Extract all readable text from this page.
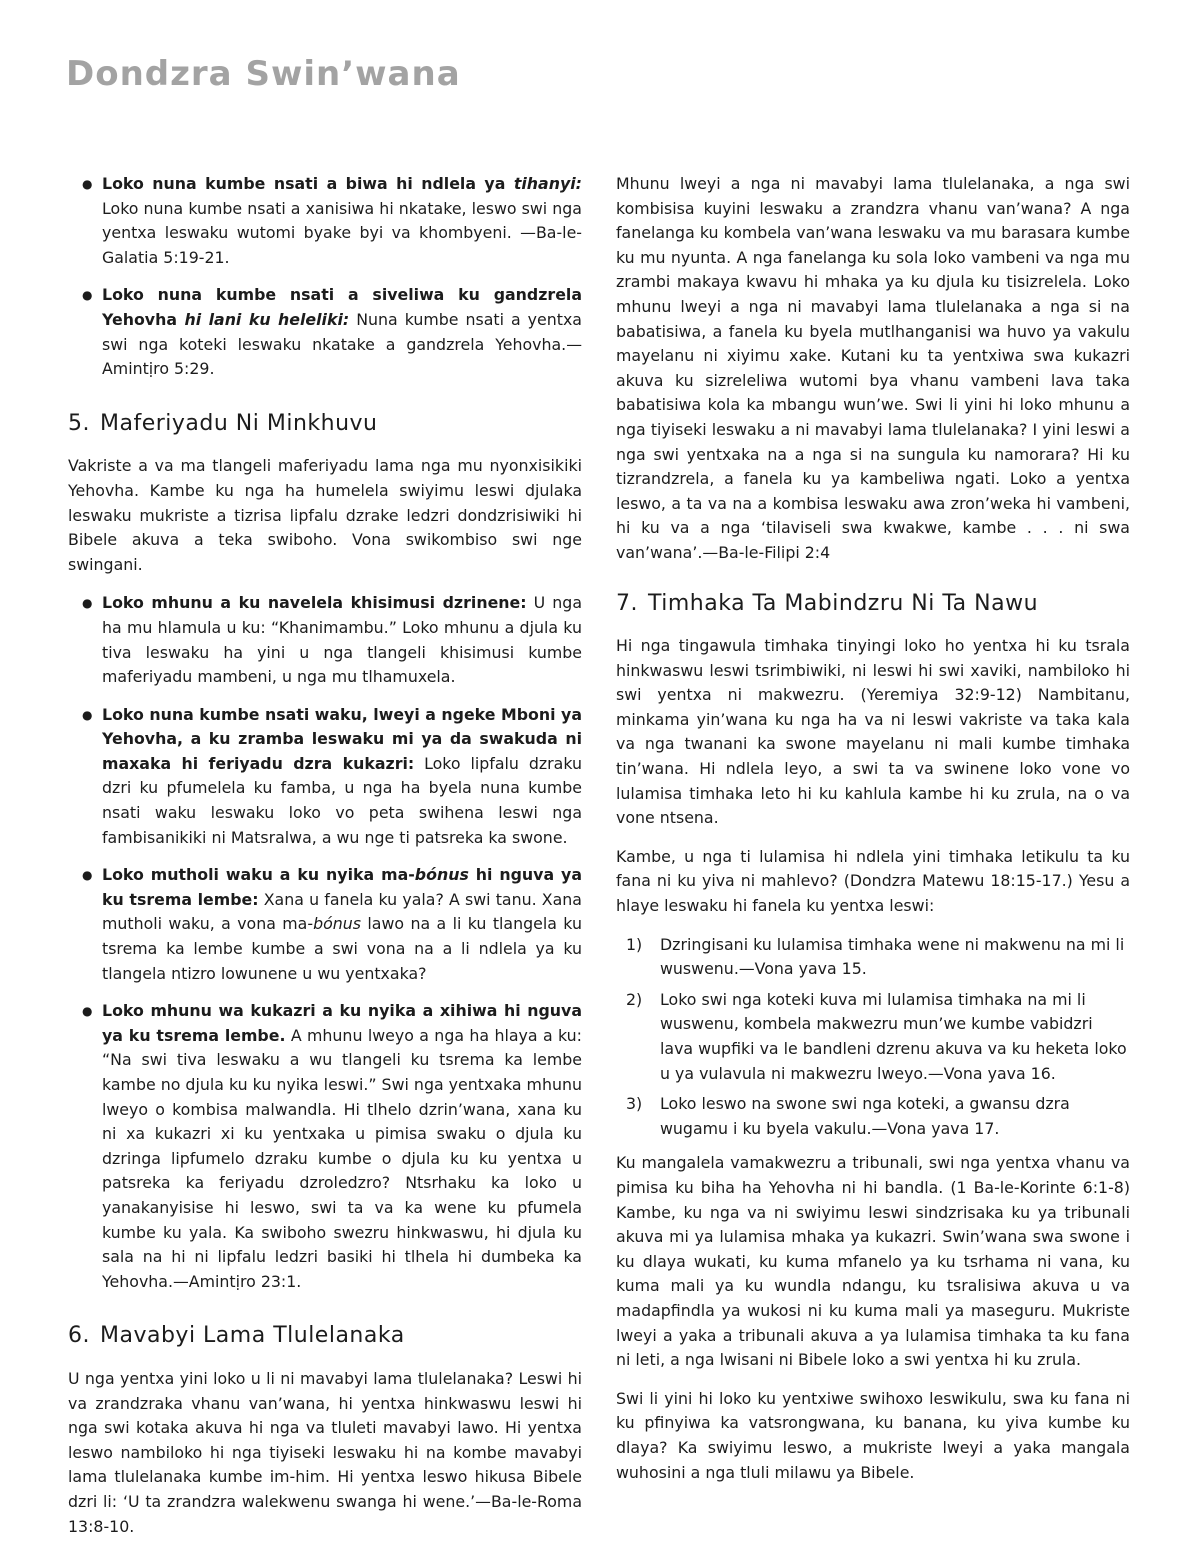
Dondzra Swin’wana
● Loko nuna kumbe nsati a biwa hi ndlela ya tihanyi: Loko nuna kumbe nsati a xanisiwa hi nkatake, leswo swi nga yentxa leswaku wutomi byake byi va khombyeni. —Ba-le-Galatia 5:19-21.
● Loko nuna kumbe nsati a siveliwa ku gandzrela Yehovha hi lani ku heleliki: Nuna kumbe nsati a yentxa swi nga koteki leswaku nkatake a gandzrela Yehovha.—Amintịro 5:29.
5. Maferiyadu Ni Minkhuvu

Vakriste a va ma tlangeli maferiyadu lama nga mu nyonxisikiki Yehovha. Kambe ku nga ha humelela swiyimu leswi djulaka leswaku mukriste a tizrisa lipfalu dzrake ledzri dondzrisiwiki hi Bibele akuva a teka swiboho. Vona swikombiso swi nge swingani.

● Loko mhunu a ku navelela khisimusi dzrinene: U nga ha mu hlamula u ku: “Khanimambu.” Loko mhunu a djula ku tiva leswaku ha yini u nga tlangeli khisimusi kumbe maferiyadu mambeni, u nga mu tlhamuxela.
● Loko nuna kumbe nsati waku, lweyi a ngeke Mboni ya Yehovha, a ku zramba leswaku mi ya da swakuda ni maxaka hi feriyadu dzra kukazri: Loko lipfalu dzraku dzri ku pfumelela ku famba, u nga ha byela nuna kumbe nsati waku leswaku loko vo peta swihena leswi nga fambisanikiki ni Matsralwa, a wu nge ti patsreka ka swone.
● Loko mutholi waku a ku nyika ma-bónus hi nguva ya ku tsrema lembe: Xana u fanela ku yala? A swi tanu. Xana mutholi waku, a vona ma-bónus lawo na a li ku tlangela ku tsrema ka lembe kumbe a swi vona na a li ndlela ya ku tlangela ntizro lowunene u wu yentxaka?
● Loko mhunu wa kukazri a ku nyika a xihiwa hi nguva ya ku tsrema lembe. A mhunu lweyo a nga ha hlaya a ku: “Na swi tiva leswaku a wu tlangeli ku tsrema ka lembe kambe no djula ku ku nyika leswi.” Swi nga yentxaka mhunu lweyo o kombisa malwandla. Hi tlhelo dzrin’wana, xana ku ni xa kukazri xi ku yentxaka u pimisa swaku o djula ku dzringa lipfumelo dzraku kumbe o djula ku ku yentxa u patsreka ka feriyadu dzroledzro? Ntsrhaku ka loko u yanakanyisise hi leswo, swi ta va ka wene ku pfumela kumbe ku yala. Ka swiboho swezru hinkwaswu, hi djula ku sala na hi ni lipfalu ledzri basiki hi tlhela hi dumbeka ka Yehovha.—Amintịro 23:1.
6. Mavabyi Lama Tlulelanaka

U nga yentxa yini loko u li ni mavabyi lama tlulelanaka? Leswi hi va zrandzraka vhanu van’wana, hi yentxa hinkwaswu leswi hi nga swi kotaka akuva hi nga va tluleti mavabyi lawo. Hi yentxa leswo nambiloko hi nga tiyiseki leswaku hi na kombe mavabyi lama tlulelanaka kumbe im-him. Hi yentxa leswo hikusa Bibele dzri li: ‘U ta zrandzra walekwenu swanga hi wene.’—Ba-le-Roma 13:8-10.

Mhunu lweyi a nga ni mavabyi lama tlulelanaka, a nga swi kombisisa kuyini leswaku a zrandzra vhanu van’wana? A nga fanelanga ku kombela van’wana leswaku va mu barasara kumbe ku mu nyunta. A nga fanelanga ku sola loko vambeni va nga mu zrambi makaya kwavu hi mhaka ya ku djula ku tisizrelela. Loko mhunu lweyi a nga ni mavabyi lama tlulelanaka a nga si na babatisiwa, a fanela ku byela mutlhanganisi wa huvo ya vakulu mayelanu ni xiyimu xake. Kutani ku ta yentxiwa swa kukazri akuva ku sizreleliwa wutomi bya vhanu vambeni lava taka babatisiwa kola ka mbangu wun’we. Swi li yini hi loko mhunu a nga tiyiseki leswaku a ni mavabyi lama tlulelanaka? I yini leswi a nga swi yentxaka na a nga si na sungula ku namorara? Hi ku tizrandzrela, a fanela ku ya kambeliwa ngati. Loko a yentxa leswo, a ta va na a kombisa leswaku awa zron’weka hi vambeni, hi ku va a nga ‘tilaviseli swa kwakwe, kambe . . . ni swa van’wana’.—Ba-le-Filipi 2:4

7. Timhaka Ta Mabindzru Ni Ta Nawu

Hi nga tingawula timhaka tinyingi loko ho yentxa hi ku tsrala hinkwaswu leswi tsrimbiwiki, ni leswi hi swi xaviki, nambiloko hi swi yentxa ni makwezru. (Yeremiya 32:9-12) Nambitanu, minkama yin’wana ku nga ha va ni leswi vakriste va taka kala va nga twanani ka swone mayelanu ni mali kumbe timhaka tin’wana. Hi ndlela leyo, a swi ta va swinene loko vone vo lulamisa timhaka leto hi ku kahlula kambe hi ku zrula, na o va vone ntsena.

Kambe, u nga ti lulamisa hi ndlela yini timhaka letikulu ta ku fana ni ku yiva ni mahlevo? (Dondzra Matewu 18:15-17.) Yesu a hlaye leswaku hi fanela ku yentxa leswi:

1) Dzringisani ku lulamisa timhaka wene ni makwenu na mi li wuswenu.—Vona yava 15.
2) Loko swi nga koteki kuva mi lulamisa timhaka na mi li wuswenu, kombela makwezru mun’we kumbe vabidzri lava wupfiki va le bandleni dzrenu akuva va ku heketa loko u ya vulavula ni makwezru lweyo.—Vona yava 16.
3) Loko leswo na swone swi nga koteki, a gwansu dzra wugamu i ku byela vakulu.—Vona yava 17.

Ku mangalela vamakwezru a tribunali, swi nga yentxa vhanu va pimisa ku biha ha Yehovha ni hi bandla. (1 Ba-le-Korinte 6:1-8) Kambe, ku nga va ni swiyimu leswi sindzrisaka ku ya tribunali akuva mi ya lulamisa mhaka ya kukazri. Swin’wana swa swone i ku dlaya wukati, ku kuma mfanelo ya ku tsrhama ni vana, ku kuma mali ya ku wundla ndangu, ku tsralisiwa akuva u va madapfindla ya wukosi ni ku kuma mali ya maseguru. Mukriste lweyi a yaka a tribunali akuva a ya lulamisa timhaka ta ku fana ni leti, a nga lwisani ni Bibele loko a swi yentxa hi ku zrula.

Swi li yini hi loko ku yentxiwe swihoxo leswikulu, swa ku fana ni ku pfinyiwa ka vatsrongwana, ku banana, ku yiva kumbe ku dlaya? Ka swiyimu leswo, a mukriste lweyi a yaka mangala wuhosini a nga tluli milawu ya Bibele.
